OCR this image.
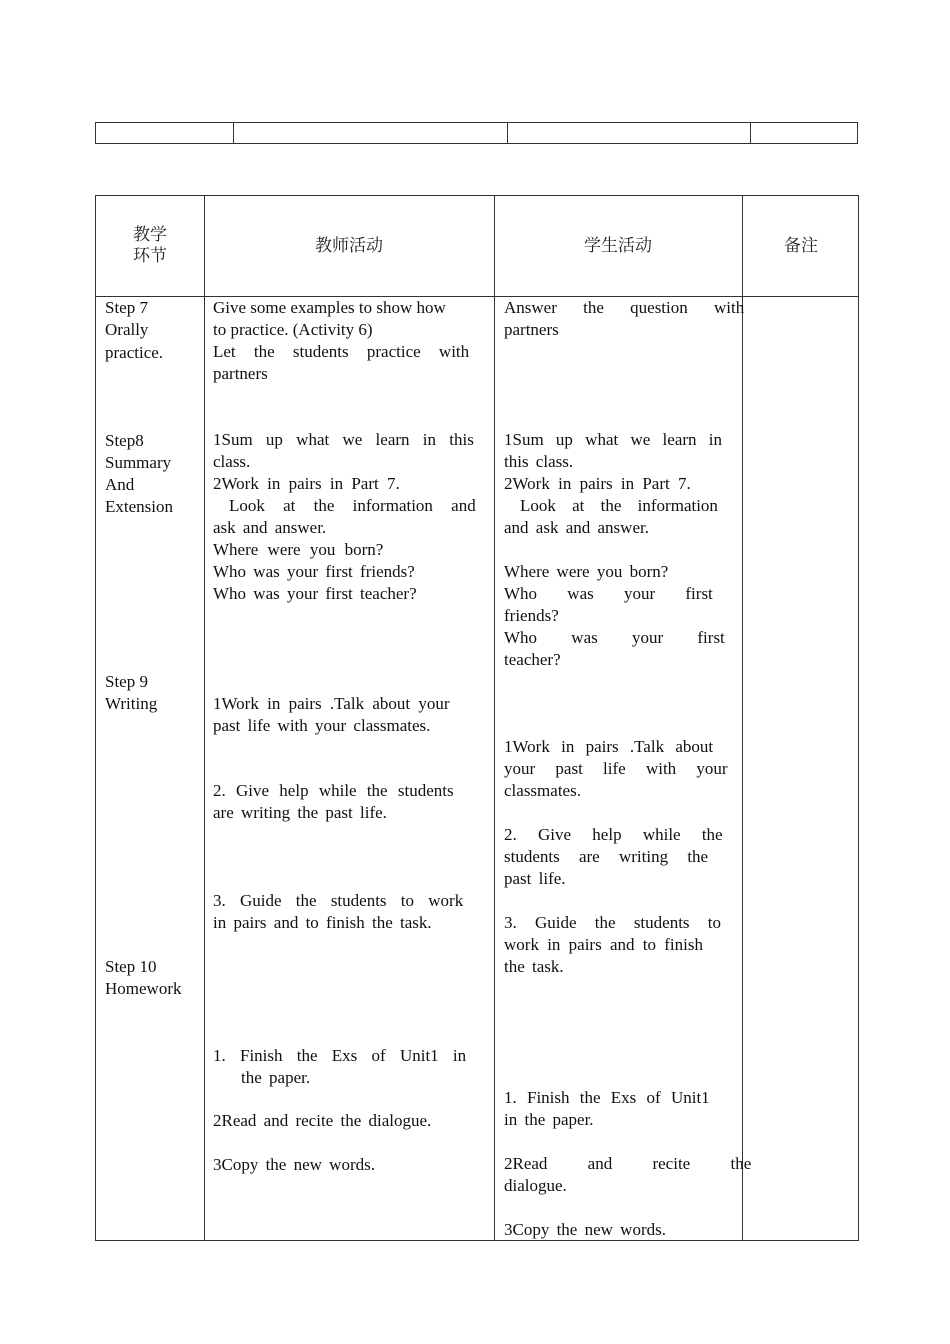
教学
环节
教师活动	学生活动	备注
Step 7
Orally
practice.
Step8
Summary
And
Extension
Step 9
Writing
Step 10
Homework
Give some examples to show how
to practice. (Activity 6)
Let the students practice with
partners
1Sum up what we learn in this
class.
2Work in pairs in Part 7.
Look at the information and
ask and answer.
Where were you born?
Who was your first friends?
Who was your first teacher?
1Work in pairs .Talk about your
past life with your classmates.
2. Give help while the students
are writing the past life.
3. Guide the students to work
in pairs and to finish the task.
1. Finish the Exs of Unit1 in
the paper.
2Read and recite the dialogue.
3Copy the new words.
Answer the question with
partners
1Sum up what we learn in
this class.
2Work in pairs in Part 7.
Look at the information
and ask and answer.
Where were you born?
Who was your first
friends?
Who was your first
teacher?
1Work in pairs .Talk about
your past life with your
classmates.
2. Give help while the
students are writing the
past life.
3. Guide the students to
work in pairs and to finish
the task.
1. Finish the Exs of Unit1
in the paper.
2Read and recite the
dialogue.
3Copy the new words.
